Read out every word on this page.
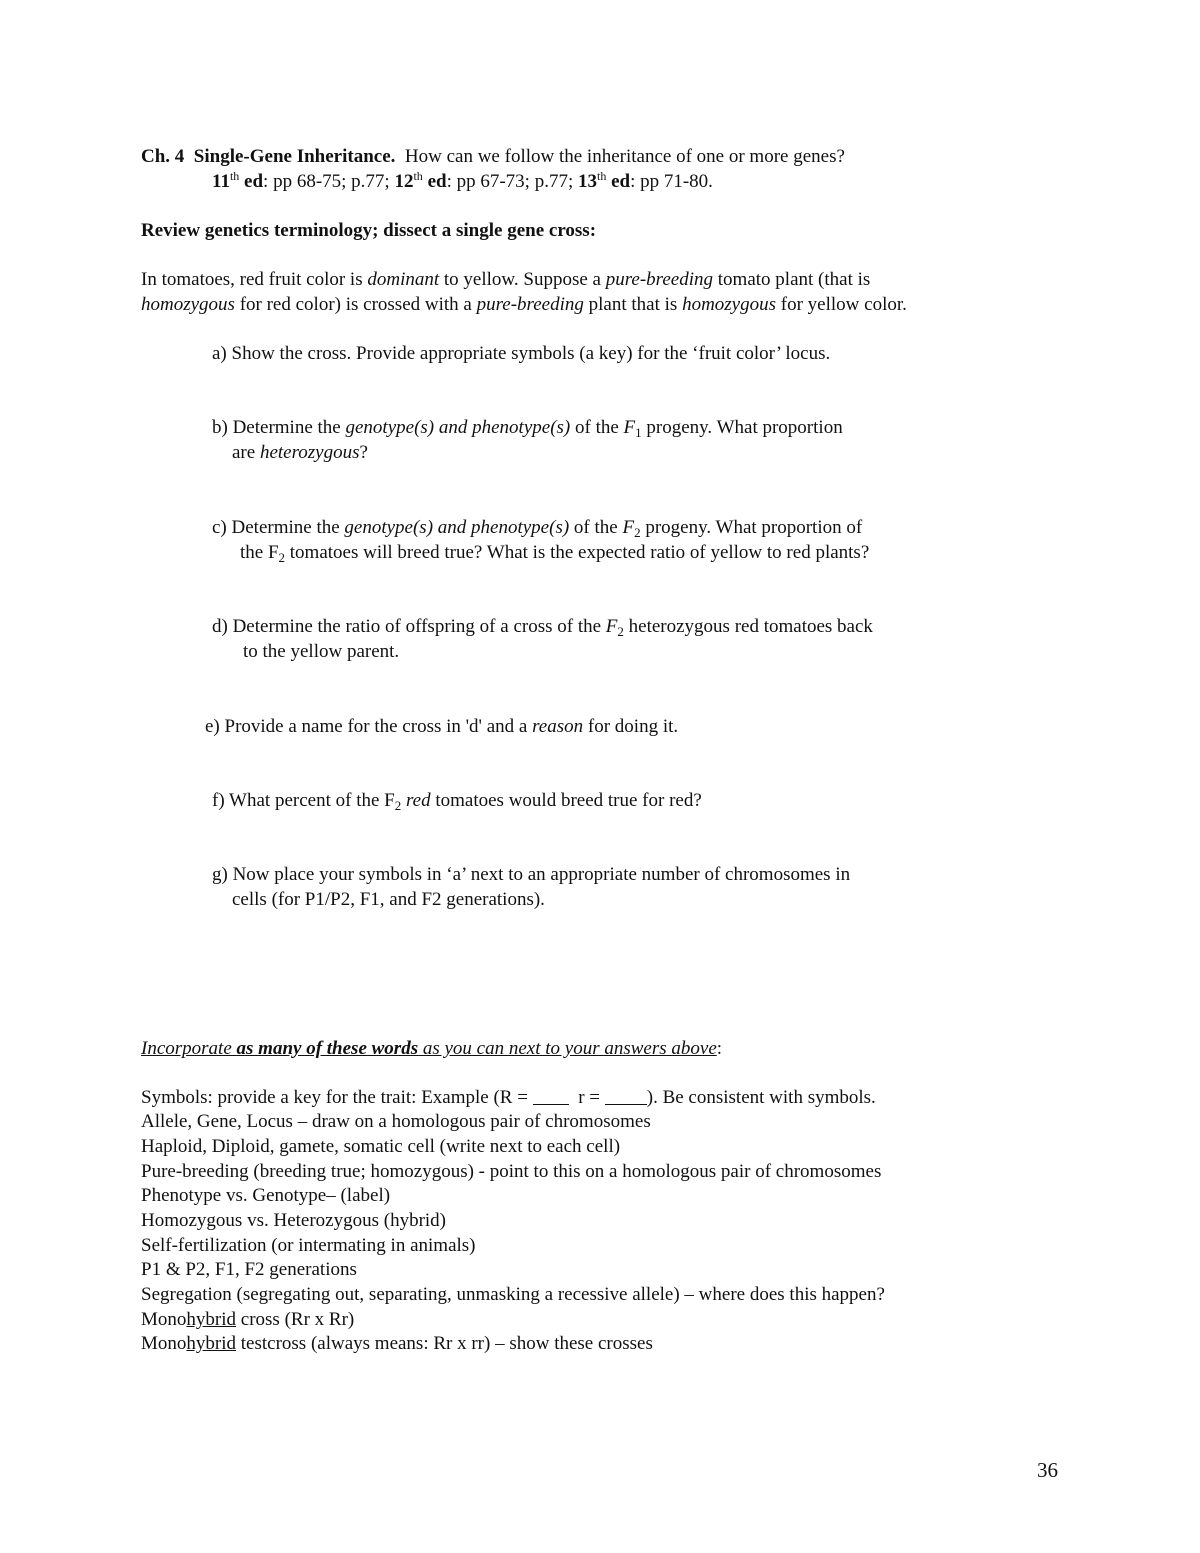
Ch. 4 Single-Gene Inheritance. How can we follow the inheritance of one or more genes?
11th ed: pp 68-75; p.77; 12th ed: pp 67-73; p.77; 13th ed: pp 71-80.
Review genetics terminology; dissect a single gene cross:
In tomatoes, red fruit color is dominant to yellow. Suppose a pure-breeding tomato plant (that is
homozygous for red color) is crossed with a pure-breeding plant that is homozygous for yellow color.
a) Show the cross. Provide appropriate symbols (a key) for the ‘fruit color’ locus.
b) Determine the genotype(s) and phenotype(s) of the $F_1$ progeny. What proportion
are heterozygous?
c) Determine the genotype(s) and phenotype(s) of the $F_2$ progeny. What proportion of
the $F_2$ tomatoes will breed true? What is the expected ratio of yellow to red plants?
d) Determine the ratio of offspring of a cross of the $F_2$ heterozygous red tomatoes back
to the yellow parent.
e) Provide a name for the cross in 'd' and a reason for doing it.
f) What percent of the $F_2$ red tomatoes would breed true for red?
g) Now place your symbols in ‘a’ next to an appropriate number of chromosomes in
cells (for P1/P2, F1, and F2 generations).
Incorporate as many of these words as you can next to your answers above:
Symbols: provide a key for the trait: Example (R =   r = ). Be consistent with symbols.
Allele, Gene, Locus – draw on a homologous pair of chromosomes
Haploid, Diploid, gamete, somatic cell (write next to each cell)
Pure-breeding (breeding true; homozygous) - point to this on a homologous pair of chromosomes
Phenotype vs. Genotype– (label)
Homozygous vs. Heterozygous (hybrid)
Self-fertilization (or intermating in animals)
P1 & P2, F1, F2 generations
Segregation (segregating out, separating, unmasking a recessive allele) – where does this happen?
Monohybrid cross (Rr x Rr)
Monohybrid testcross (always means: Rr x rr) – show these crosses
36
